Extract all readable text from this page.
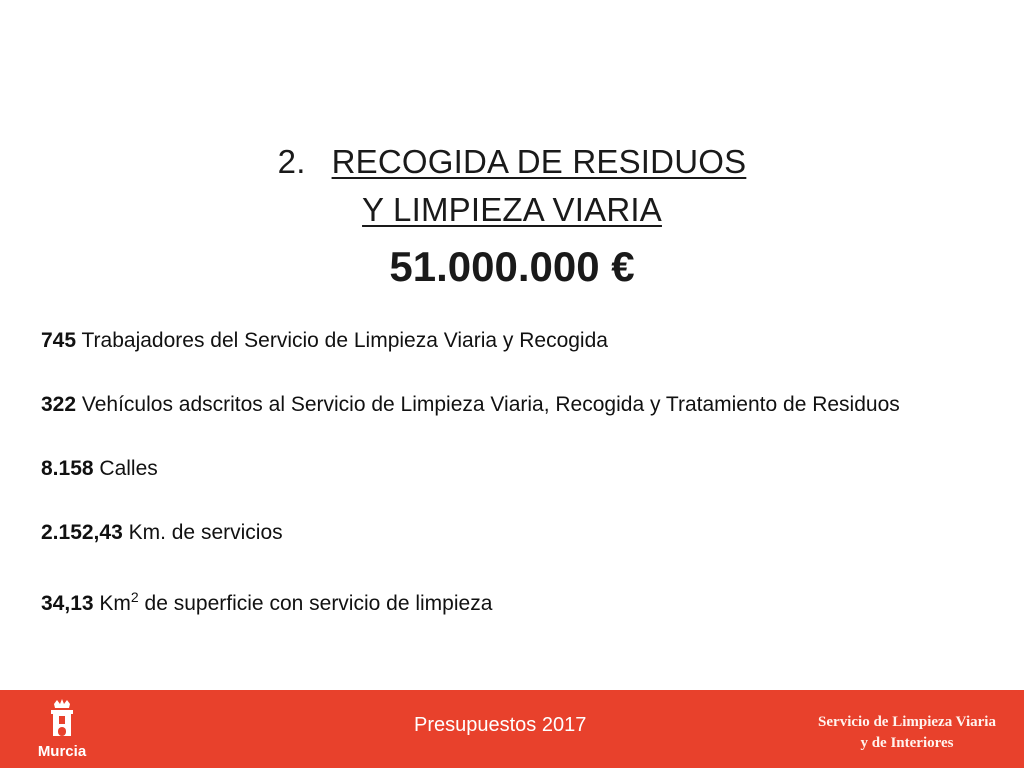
2. RECOGIDA DE RESIDUOS
Y LIMPIEZA VIARIA
51.000.000 €
745 Trabajadores del Servicio de Limpieza Viaria y Recogida
322 Vehículos adscritos al Servicio de Limpieza Viaria, Recogida y Tratamiento de Residuos
8.158 Calles
2.152,43 Km. de servicios
34,13 Km$^2$ de superficie con servicio de limpieza
Murcia
Presupuestos 2017	Servicio de Limpieza Viaria
y de Interiores
